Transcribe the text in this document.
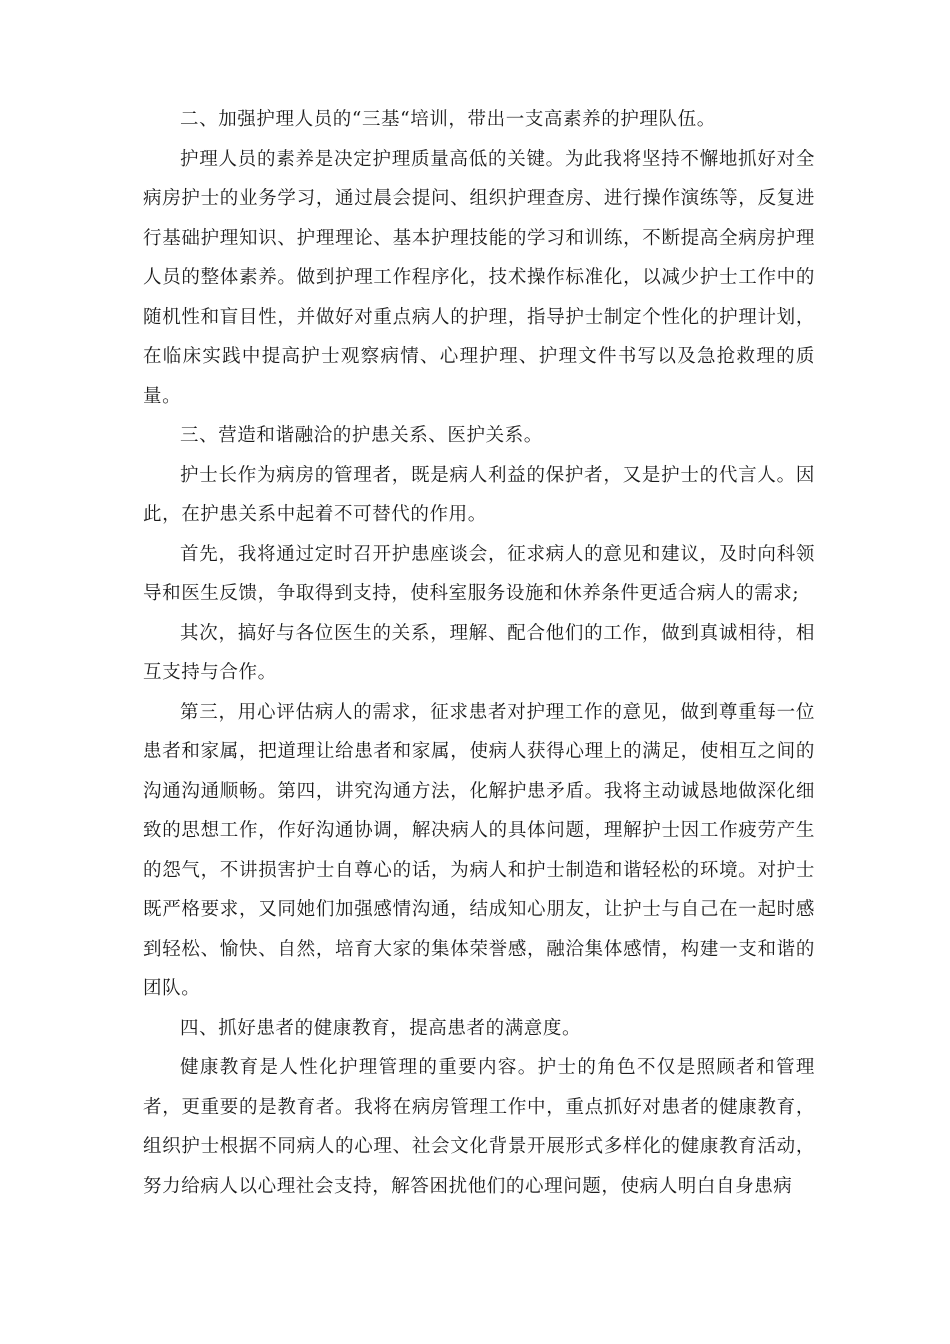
二、加强护理人员的“三基“培训，带出一支高素养的护理队伍。

护理人员的素养是决定护理质量高低的关键。为此我将坚持不懈地抓好对全病房护士的业务学习，通过晨会提问、组织护理查房、进行操作演练等，反复进行基础护理知识、护理理论、基本护理技能的学习和训练，不断提高全病房护理人员的整体素养。做到护理工作程序化，技术操作标准化，以减少护士工作中的随机性和盲目性，并做好对重点病人的护理，指导护士制定个性化的护理计划，在临床实践中提高护士观察病情、心理护理、护理文件书写以及急抢救理的质量。

三、营造和谐融洽的护患关系、医护关系。

护士长作为病房的管理者，既是病人利益的保护者，又是护士的代言人。因此，在护患关系中起着不可替代的作用。

首先，我将通过定时召开护患座谈会，征求病人的意见和建议，及时向科领导和医生反馈，争取得到支持，使科室服务设施和休养条件更适合病人的需求;

其次，搞好与各位医生的关系，理解、配合他们的工作，做到真诚相待，相互支持与合作。

第三，用心评估病人的需求，征求患者对护理工作的意见，做到尊重每一位患者和家属，把道理让给患者和家属，使病人获得心理上的满足，使相互之间的沟通沟通顺畅。第四，讲究沟通方法，化解护患矛盾。我将主动诚恳地做深化细致的思想工作，作好沟通协调，解决病人的具体问题，理解护士因工作疲劳产生的怨气，不讲损害护士自尊心的话，为病人和护士制造和谐轻松的环境。对护士既严格要求，又同她们加强感情沟通，结成知心朋友，让护士与自己在一起时感到轻松、愉快、自然，培育大家的集体荣誉感，融洽集体感情，构建一支和谐的团队。

四、抓好患者的健康教育，提高患者的满意度。

健康教育是人性化护理管理的重要内容。护士的角色不仅是照顾者和管理者，更重要的是教育者。我将在病房管理工作中，重点抓好对患者的健康教育，组织护士根据不同病人的心理、社会文化背景开展形式多样化的健康教育活动，努力给病人以心理社会支持，解答困扰他们的心理问题，使病人明白自身患病
